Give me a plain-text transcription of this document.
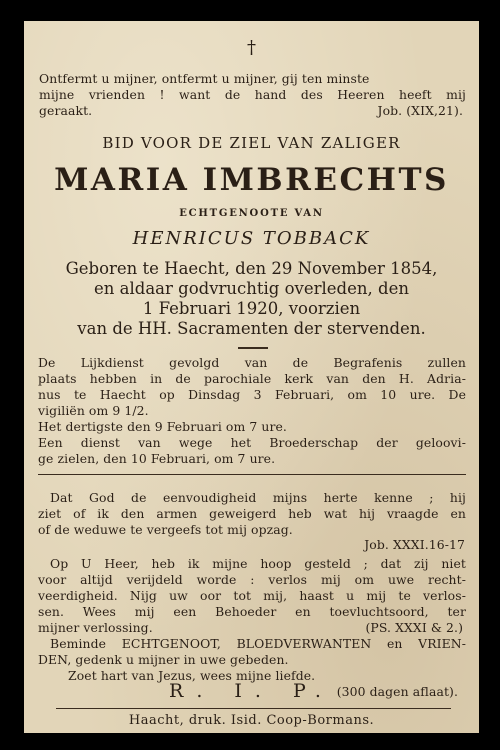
†
Ontfermt u mijner, ontfermt u mijner, gij ten minste
mijne vrienden ! want de hand des Heeren heeft mij
geraakt.	Job. (XIX,21).
BID VOOR DE ZIEL VAN ZALIGER
MARIA IMBRECHTS
ECHTGENOOTE VAN
HENRICUS TOBBACK
Geboren te Haecht, den 29 November 1854,
en aldaar godvruchtig overleden, den
1 Februari 1920, voorzien
van de HH. Sacramenten der stervenden.
De Lijkdienst gevolgd van de Begrafenis zullen
plaats hebben in de parochiale kerk van den H. Adria-
nus te Haecht op Dinsdag 3 Februari, om 10 ure. De
vigiliën om 9 1/2.
Het dertigste den 9 Februari om 7 ure.
Een dienst van wege het Broederschap der geloovi-
ge zielen, den 10 Februari, om 7 ure.
Dat God de eenvoudigheid mijns herte kenne ; hij
ziet of ik den armen geweigerd heb wat hij vraagde en
of de weduwe te vergeefs tot mij opzag.
Job. XXXI.16-17
Op U Heer, heb ik mijne hoop gesteld ; dat zij niet
voor altijd verijdeld worde : verlos mij om uwe recht-
veerdigheid. Nijg uw oor tot mij, haast u mij te verlos-
sen. Wees mij een Behoeder en toevluchtsoord, ter
mijner verlossing.	(PS. XXXI & 2.)
Beminde ECHTGENOOT, BLOEDVERWANTEN en VRIEN-
DEN, gedenk u mijner in uwe gebeden.
Zoet hart van Jezus, wees mijne liefde.
(300 dagen aflaat).
R. I. P.
Haacht, druk. Isid. Coop-Bormans.
